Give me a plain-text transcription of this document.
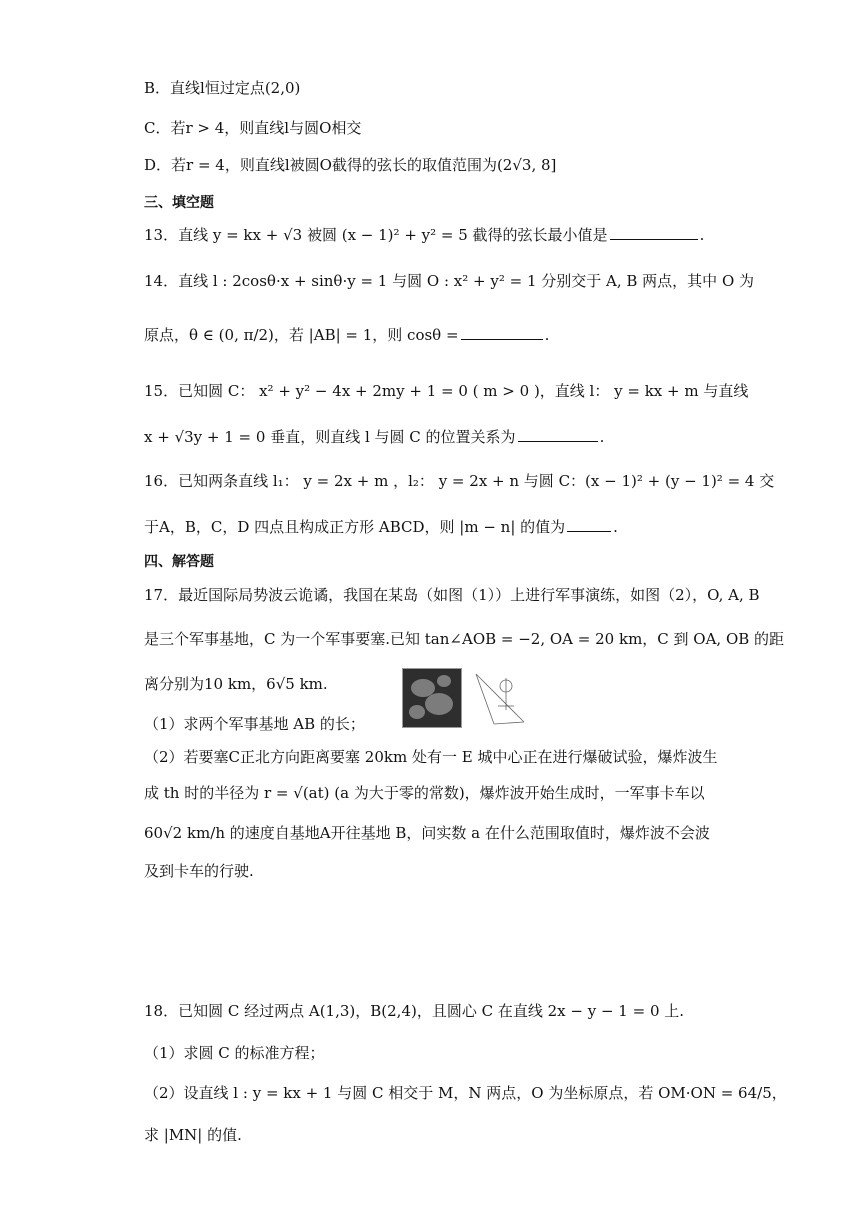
B．直线l恒过定点(2,0)
C．若r > 4，则直线l与圆O相交
D．若r = 4，则直线l被圆O截得的弦长的取值范围为(2√3, 8]
三、填空题
13．直线 y = kx + √3 被圆 (x − 1)² + y² = 5 截得的弦长最小值是	.
14．直线 l : 2cosθ·x + sinθ·y = 1 与圆 O : x² + y² = 1 分别交于 A, B 两点，其中 O 为
原点，θ ∈ (0, π/2)，若 |AB| = 1，则 cosθ =	.
15．已知圆 C： x² + y² − 4x + 2my + 1 = 0 ( m > 0 )，直线 l： y = kx + m 与直线
x + √3y + 1 = 0 垂直，则直线 l 与圆 C 的位置关系为	.
16．已知两条直线 l₁： y = 2x + m ，l₂： y = 2x + n 与圆 C：(x − 1)² + (y − 1)² = 4 交
于A，B，C，D 四点且构成正方形 ABCD，则 |m − n| 的值为	.
四、解答题
17．最近国际局势波云诡谲，我国在某岛（如图（1））上进行军事演练，如图（2），O, A, B
是三个军事基地，C 为一个军事要塞.已知 tan∠AOB = −2, OA = 20 km，C 到 OA, OB 的距
离分别为10 km，6√5 km.
（1）求两个军事基地 AB 的长；
（2）若要塞C正北方向距离要塞 20km 处有一 E 城中心正在进行爆破试验，爆炸波生
成 th 时的半径为 r = √(at) (a 为大于零的常数)，爆炸波开始生成时，一军事卡车以
60√2 km/h 的速度自基地A开往基地 B，问实数 a 在什么范围取值时，爆炸波不会波
及到卡车的行驶.
18．已知圆 C 经过两点 A(1,3)，B(2,4)，且圆心 C 在直线 2x − y − 1 = 0 上.
（1）求圆 C 的标准方程；
（2）设直线 l : y = kx + 1 与圆 C 相交于 M，N 两点，O 为坐标原点，若 OM·ON = 64/5，
求 |MN| 的值.
